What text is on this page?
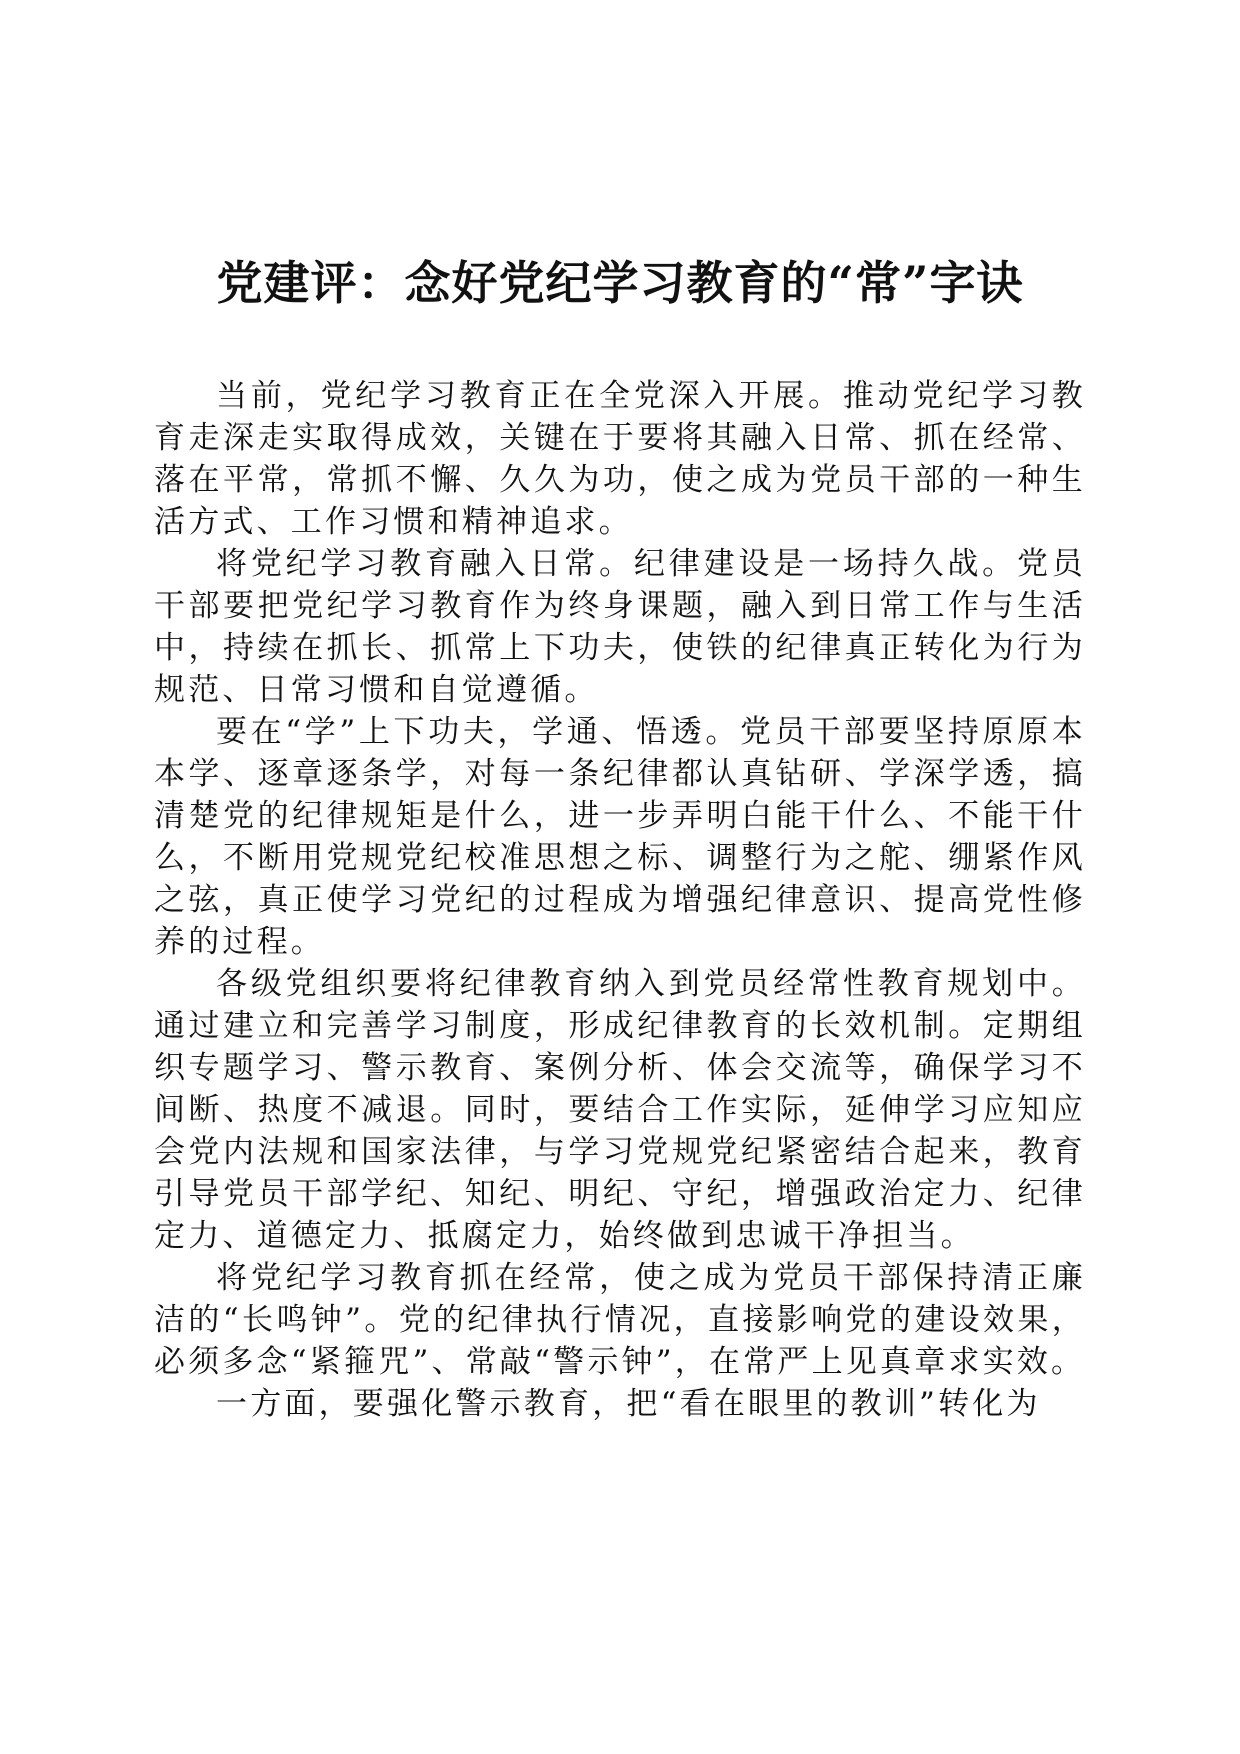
党建评：念好党纪学习教育的“常”字诀

当前，党纪学习教育正在全党深入开展。推动党纪学习教育走深走实取得成效，关键在于要将其融入日常、抓在经常、落在平常，常抓不懈、久久为功，使之成为党员干部的一种生活方式、工作习惯和精神追求。

将党纪学习教育融入日常。纪律建设是一场持久战。党员干部要把党纪学习教育作为终身课题，融入到日常工作与生活中，持续在抓长、抓常上下功夫，使铁的纪律真正转化为行为规范、日常习惯和自觉遵循。

要在“学”上下功夫，学通、悟透。党员干部要坚持原原本本学、逐章逐条学，对每一条纪律都认真钻研、学深学透，搞清楚党的纪律规矩是什么，进一步弄明白能干什么、不能干什么，不断用党规党纪校准思想之标、调整行为之舵、绷紧作风之弦，真正使学习党纪的过程成为增强纪律意识、提高党性修养的过程。

各级党组织要将纪律教育纳入到党员经常性教育规划中。通过建立和完善学习制度，形成纪律教育的长效机制。定期组织专题学习、警示教育、案例分析、体会交流等，确保学习不间断、热度不减退。同时，要结合工作实际，延伸学习应知应会党内法规和国家法律，与学习党规党纪紧密结合起来，教育引导党员干部学纪、知纪、明纪、守纪，增强政治定力、纪律定力、道德定力、抵腐定力，始终做到忠诚干净担当。

将党纪学习教育抓在经常，使之成为党员干部保持清正廉洁的“长鸣钟”。党的纪律执行情况，直接影响党的建设效果，必须多念“紧箍咒”、常敲“警示钟”，在常严上见真章求实效。

一方面，要强化警示教育，把“看在眼里的教训”转化为
